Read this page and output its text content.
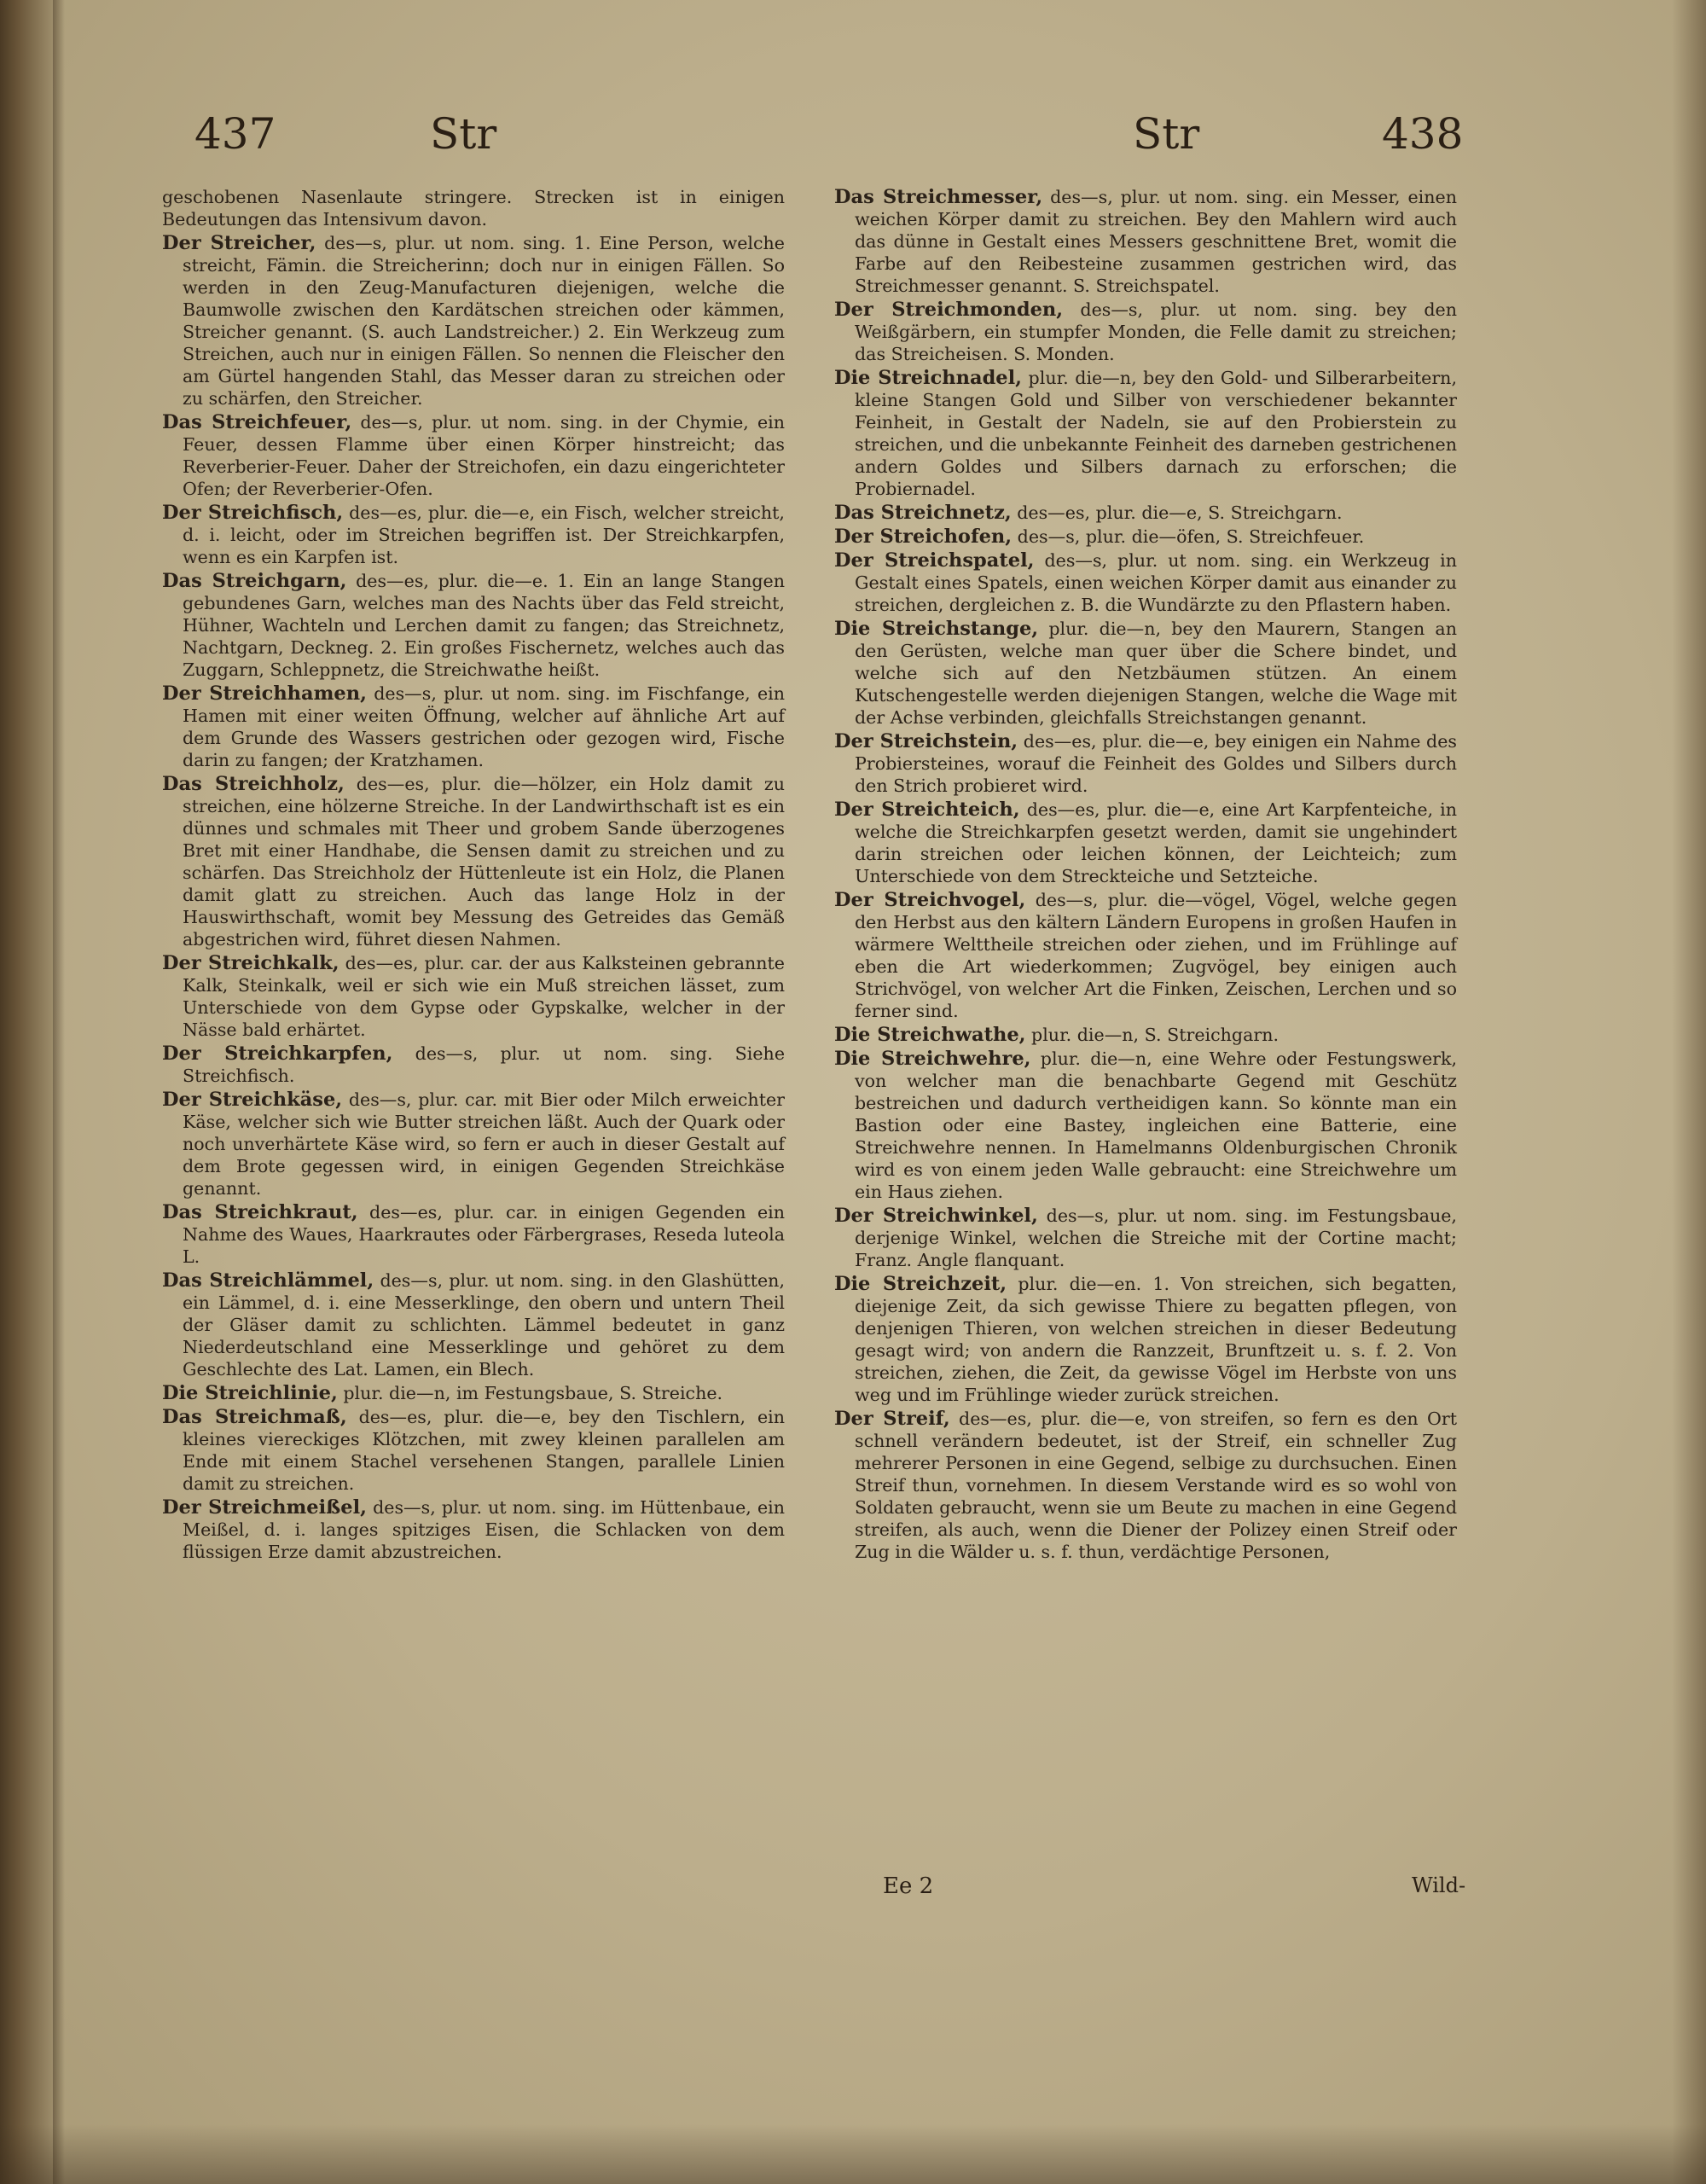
437	Str	Str	438

geschobenen Nasenlaute stringere. Strecken ist in einigen Bedeutungen das Intensivum davon.

Der Streicher, des—s, plur. ut nom. sing. 1. Eine Person, welche streicht, Fämin. die Streicherinn; doch nur in einigen Fällen. So werden in den Zeug-Manufacturen diejenigen, welche die Baumwolle zwischen den Kardätschen streichen oder kämmen, Streicher genannt. (S. auch Landstreicher.) 2. Ein Werkzeug zum Streichen, auch nur in einigen Fällen. So nennen die Fleischer den am Gürtel hangenden Stahl, das Messer daran zu streichen oder zu schärfen, den Streicher.

Das Streichfeuer, des—s, plur. ut nom. sing. in der Chymie, ein Feuer, dessen Flamme über einen Körper hinstreicht; das Reverberier-Feuer. Daher der Streichofen, ein dazu eingerichteter Ofen; der Reverberier-Ofen.

Der Streichfisch, des—es, plur. die—e, ein Fisch, welcher streicht, d. i. leicht, oder im Streichen begriffen ist. Der Streichkarpfen, wenn es ein Karpfen ist.

Das Streichgarn, des—es, plur. die—e. 1. Ein an lange Stangen gebundenes Garn, welches man des Nachts über das Feld streicht, Hühner, Wachteln und Lerchen damit zu fangen; das Streichnetz, Nachtgarn, Deckneg. 2. Ein großes Fischernetz, welches auch das Zuggarn, Schleppnetz, die Streichwathe heißt.

Der Streichhamen, des—s, plur. ut nom. sing. im Fischfange, ein Hamen mit einer weiten Öffnung, welcher auf ähnliche Art auf dem Grunde des Wassers gestrichen oder gezogen wird, Fische darin zu fangen; der Kratzhamen.

Das Streichholz, des—es, plur. die—hölzer, ein Holz damit zu streichen, eine hölzerne Streiche. In der Landwirthschaft ist es ein dünnes und schmales mit Theer und grobem Sande überzogenes Bret mit einer Handhabe, die Sensen damit zu streichen und zu schärfen. Das Streichholz der Hüttenleute ist ein Holz, die Planen damit glatt zu streichen. Auch das lange Holz in der Hauswirthschaft, womit bey Messung des Getreides das Gemäß abgestrichen wird, führet diesen Nahmen.

Der Streichkalk, des—es, plur. car. der aus Kalksteinen gebrannte Kalk, Steinkalk, weil er sich wie ein Muß streichen lässet, zum Unterschiede von dem Gypse oder Gypskalke, welcher in der Nässe bald erhärtet.

Der Streichkarpfen, des—s, plur. ut nom. sing. Siehe Streichfisch.

Der Streichkäse, des—s, plur. car. mit Bier oder Milch erweichter Käse, welcher sich wie Butter streichen läßt. Auch der Quark oder noch unverhärtete Käse wird, so fern er auch in dieser Gestalt auf dem Brote gegessen wird, in einigen Gegenden Streichkäse genannt.

Das Streichkraut, des—es, plur. car. in einigen Gegenden ein Nahme des Waues, Haarkrautes oder Färbergrases, Reseda luteola L.

Das Streichlämmel, des—s, plur. ut nom. sing. in den Glashütten, ein Lämmel, d. i. eine Messerklinge, den obern und untern Theil der Gläser damit zu schlichten. Lämmel bedeutet in ganz Niederdeutschland eine Messerklinge und gehöret zu dem Geschlechte des Lat. Lamen, ein Blech.

Die Streichlinie, plur. die—n, im Festungsbaue, S. Streiche.

Das Streichmaß, des—es, plur. die—e, bey den Tischlern, ein kleines viereckiges Klötzchen, mit zwey kleinen parallelen am Ende mit einem Stachel versehenen Stangen, parallele Linien damit zu streichen.

Der Streichmeißel, des—s, plur. ut nom. sing. im Hüttenbaue, ein Meißel, d. i. langes spitziges Eisen, die Schlacken von dem flüssigen Erze damit abzustreichen.

Das Streichmesser, des—s, plur. ut nom. sing. ein Messer, einen weichen Körper damit zu streichen. Bey den Mahlern wird auch das dünne in Gestalt eines Messers geschnittene Bret, womit die Farbe auf den Reibesteine zusammen gestrichen wird, das Streichmesser genannt. S. Streichspatel.

Der Streichmonden, des—s, plur. ut nom. sing. bey den Weißgärbern, ein stumpfer Monden, die Felle damit zu streichen; das Streicheisen. S. Monden.

Die Streichnadel, plur. die—n, bey den Gold- und Silberarbeitern, kleine Stangen Gold und Silber von verschiedener bekannter Feinheit, in Gestalt der Nadeln, sie auf den Probierstein zu streichen, und die unbekannte Feinheit des darneben gestrichenen andern Goldes und Silbers darnach zu erforschen; die Probiernadel.

Das Streichnetz, des—es, plur. die—e, S. Streichgarn.

Der Streichofen, des—s, plur. die—öfen, S. Streichfeuer.

Der Streichspatel, des—s, plur. ut nom. sing. ein Werkzeug in Gestalt eines Spatels, einen weichen Körper damit aus einander zu streichen, dergleichen z. B. die Wundärzte zu den Pflastern haben.

Die Streichstange, plur. die—n, bey den Maurern, Stangen an den Gerüsten, welche man quer über die Schere bindet, und welche sich auf den Netzbäumen stützen. An einem Kutschengestelle werden diejenigen Stangen, welche die Wage mit der Achse verbinden, gleichfalls Streichstangen genannt.

Der Streichstein, des—es, plur. die—e, bey einigen ein Nahme des Probiersteines, worauf die Feinheit des Goldes und Silbers durch den Strich probieret wird.

Der Streichteich, des—es, plur. die—e, eine Art Karpfenteiche, in welche die Streichkarpfen gesetzt werden, damit sie ungehindert darin streichen oder leichen können, der Leichteich; zum Unterschiede von dem Streckteiche und Setzteiche.

Der Streichvogel, des—s, plur. die—vögel, Vögel, welche gegen den Herbst aus den kältern Ländern Europens in großen Haufen in wärmere Welttheile streichen oder ziehen, und im Frühlinge auf eben die Art wiederkommen; Zugvögel, bey einigen auch Strichvögel, von welcher Art die Finken, Zeischen, Lerchen und so ferner sind.

Die Streichwathe, plur. die—n, S. Streichgarn.

Die Streichwehre, plur. die—n, eine Wehre oder Festungswerk, von welcher man die benachbarte Gegend mit Geschütz bestreichen und dadurch vertheidigen kann. So könnte man ein Bastion oder eine Bastey, ingleichen eine Batterie, eine Streichwehre nennen. In Hamelmanns Oldenburgischen Chronik wird es von einem jeden Walle gebraucht: eine Streichwehre um ein Haus ziehen.

Der Streichwinkel, des—s, plur. ut nom. sing. im Festungsbaue, derjenige Winkel, welchen die Streiche mit der Cortine macht; Franz. Angle flanquant.

Die Streichzeit, plur. die—en. 1. Von streichen, sich begatten, diejenige Zeit, da sich gewisse Thiere zu begatten pflegen, von denjenigen Thieren, von welchen streichen in dieser Bedeutung gesagt wird; von andern die Ranzzeit, Brunftzeit u. s. f. 2. Von streichen, ziehen, die Zeit, da gewisse Vögel im Herbste von uns weg und im Frühlinge wieder zurück streichen.

Der Streif, des—es, plur. die—e, von streifen, so fern es den Ort schnell verändern bedeutet, ist der Streif, ein schneller Zug mehrerer Personen in eine Gegend, selbige zu durchsuchen. Einen Streif thun, vornehmen. In diesem Verstande wird es so wohl von Soldaten gebraucht, wenn sie um Beute zu machen in eine Gegend streifen, als auch, wenn die Diener der Polizey einen Streif oder Zug in die Wälder u. s. f. thun, verdächtige Personen,

Ee 2	Wild-
